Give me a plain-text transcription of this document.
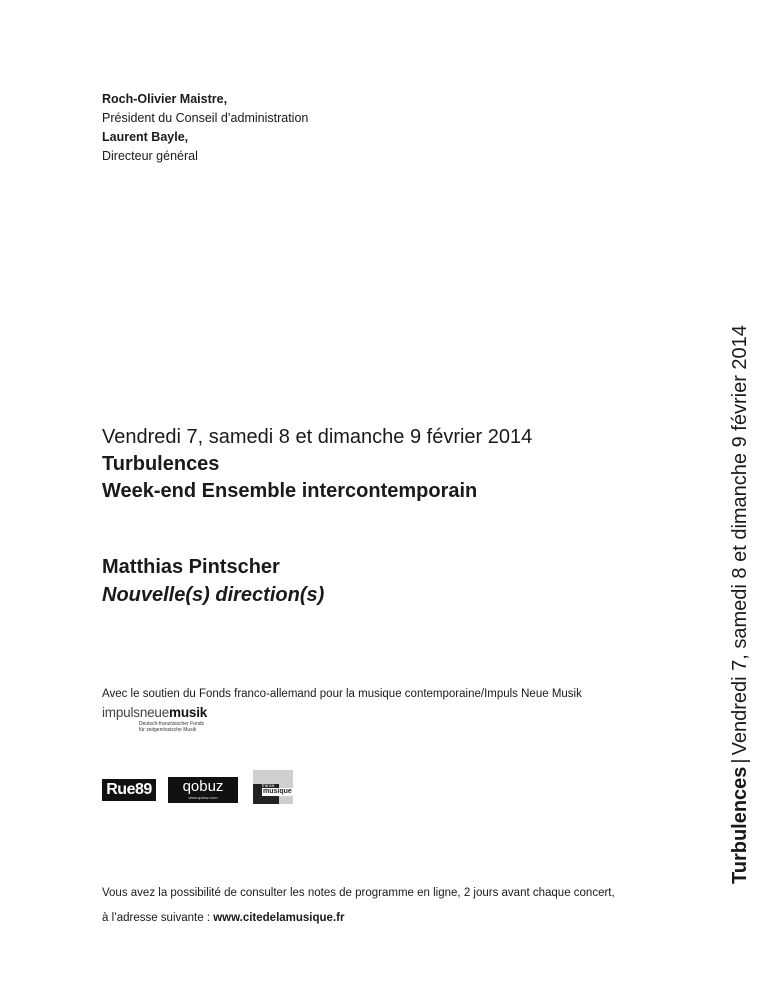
Roch-Olivier Maistre,
Président du Conseil d’administration
Laurent Bayle,
Directeur général
Vendredi 7, samedi 8 et dimanche 9 février 2014
Turbulences
Week-end Ensemble intercontemporain
Matthias Pintscher
Nouvelle(s) direction(s)
Avec le soutien du Fonds franco-allemand pour la musique contemporaine/Impuls Neue Musik
impulsneuemusik
Deutsch-französischer Fonds
für zeitgenössische Musik
Rue89	qobuz
www.qobuz.com
france
musique
Vous avez la possibilité de consulter les notes de programme en ligne, 2 jours avant chaque concert,
à l’adresse suivante : www.citedelamusique.fr
Turbulences|Vendredi 7, samedi 8 et dimanche 9 février 2014
